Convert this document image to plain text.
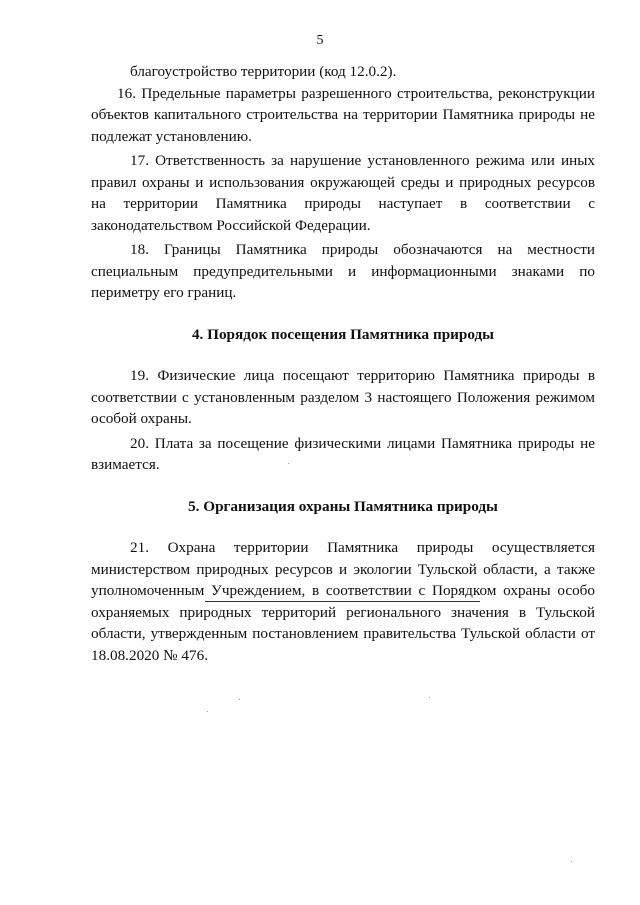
5

благоустройство территории (код 12.0.2).

16. Предельные параметры разрешенного строительства, реконструкции объектов капитального строительства на территории Памятника природы не подлежат установлению.

17. Ответственность за нарушение установленного режима или иных правил охраны и использования окружающей среды и природных ресурсов на территории Памятника природы наступает в соответствии с законодательством Российской Федерации.

18. Границы Памятника природы обозначаются на местности специальным предупредительными и информационными знаками по периметру его границ.

4. Порядок посещения Памятника природы

19. Физические лица посещают территорию Памятника природы в соответствии с установленным разделом 3 настоящего Положения режимом особой охраны.

20. Плата за посещение физическими лицами Памятника природы не взимается.

5. Организация охраны Памятника природы

21. Охрана территории Памятника природы осуществляется министерством природных ресурсов и экологии Тульской области, а также уполномоченным Учреждением, в соответствии с Порядком охраны особо охраняемых природных территорий регионального значения в Тульской области, утвержденным постановлением правительства Тульской области от 18.08.2020 № 476.
